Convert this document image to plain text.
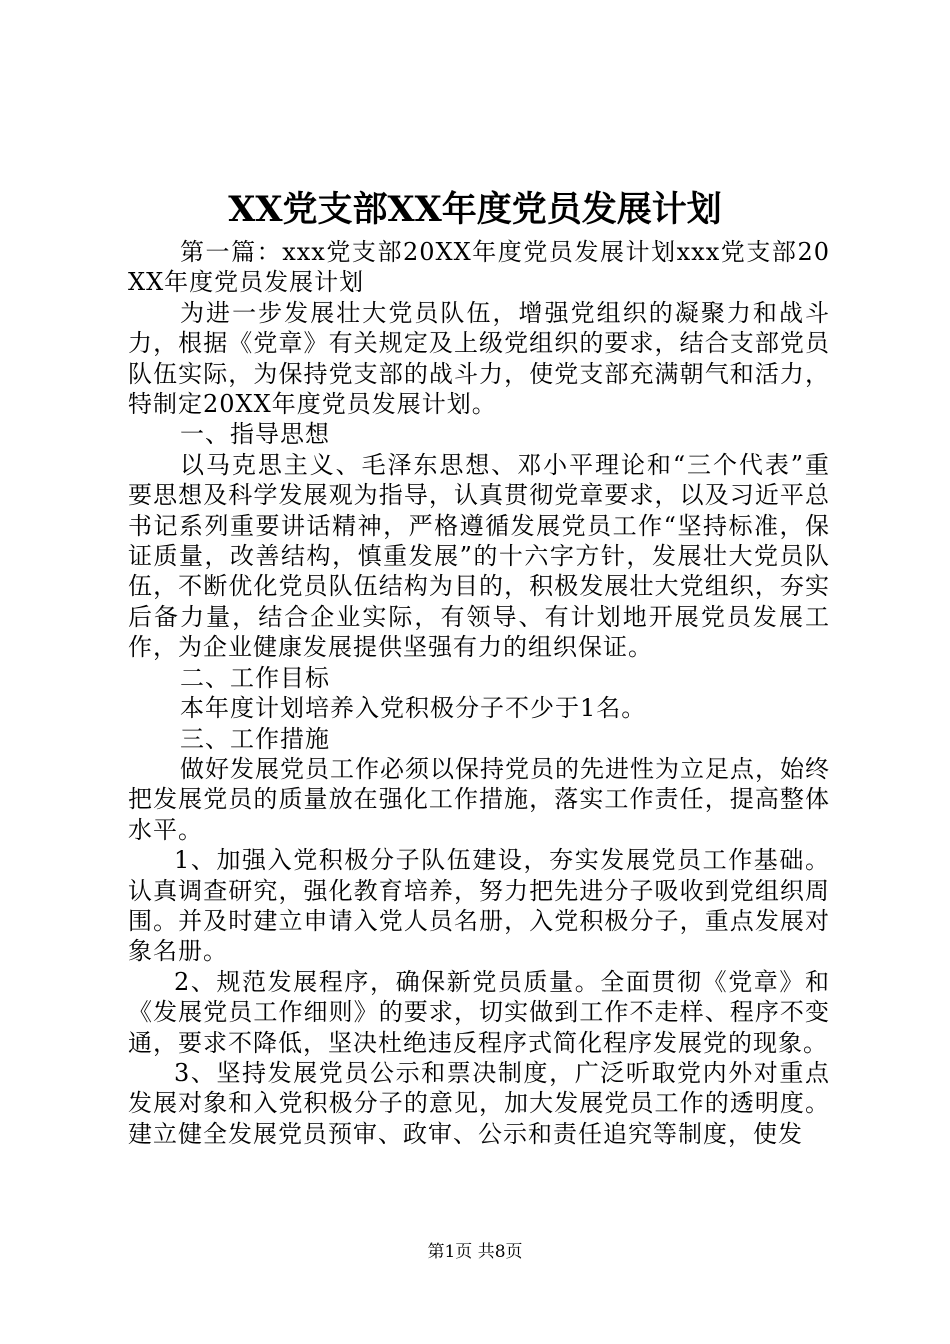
XX党支部XX年度党员发展计划

第一篇：xxx党支部20XX年度党员发展计划xxx党支部20XX年度党员发展计划

为进一步发展壮大党员队伍，增强党组织的凝聚力和战斗力，根据《党章》有关规定及上级党组织的要求，结合支部党员队伍实际，为保持党支部的战斗力，使党支部充满朝气和活力，特制定20XX年度党员发展计划。

一、指导思想

以马克思主义、毛泽东思想、邓小平理论和“三个代表”重要思想及科学发展观为指导，认真贯彻党章要求，以及习近平总书记系列重要讲话精神，严格遵循发展党员工作“坚持标准，保证质量，改善结构，慎重发展”的十六字方针，发展壮大党员队伍，不断优化党员队伍结构为目的，积极发展壮大党组织，夯实后备力量，结合企业实际，有领导、有计划地开展党员发展工作，为企业健康发展提供坚强有力的组织保证。

二、工作目标

本年度计划培养入党积极分子不少于1名。

三、工作措施

做好发展党员工作必须以保持党员的先进性为立足点，始终把发展党员的质量放在强化工作措施，落实工作责任，提高整体水平。

1、加强入党积极分子队伍建设，夯实发展党员工作基础。认真调查研究，强化教育培养，努力把先进分子吸收到党组织周围。并及时建立申请入党人员名册，入党积极分子，重点发展对象名册。

2、规范发展程序，确保新党员质量。全面贯彻《党章》和《发展党员工作细则》的要求，切实做到工作不走样、程序不变通，要求不降低，坚决杜绝违反程序式简化程序发展党的现象。

3、坚持发展党员公示和票决制度，广泛听取党内外对重点发展对象和入党积极分子的意见，加大发展党员工作的透明度。建立健全发展党员预审、政审、公示和责任追究等制度，使发

第1页 共8页
